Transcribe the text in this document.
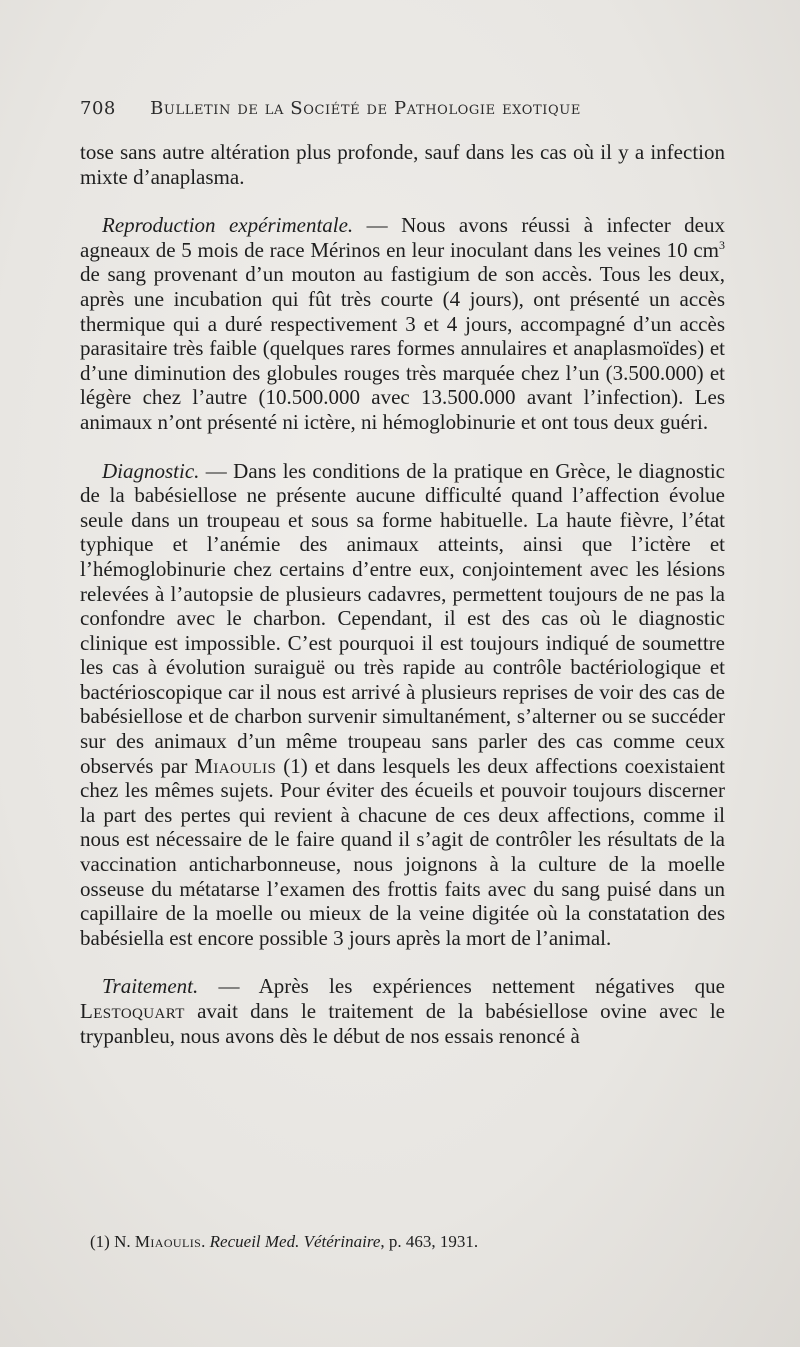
708 Bulletin de la Société de Pathologie exotique

tose sans autre altération plus profonde, sauf dans les cas où il y a infection mixte d’anaplasma.

Reproduction expérimentale. — Nous avons réussi à infecter deux agneaux de 5 mois de race Mérinos en leur inoculant dans les veines 10 $cm^3$ de sang provenant d’un mouton au fastigium de son accès. Tous les deux, après une incubation qui fût très courte (4 jours), ont présenté un accès thermique qui a duré respectivement 3 et 4 jours, accompagné d’un accès parasitaire très faible (quelques rares formes annulaires et anaplasmoïdes) et d’une diminution des globules rouges très marquée chez l’un (3.500.000) et légère chez l’autre (10.500.000 avec 13.500.000 avant l’infection). Les animaux n’ont présenté ni ictère, ni hémoglobinurie et ont tous deux guéri.

Diagnostic. — Dans les conditions de la pratique en Grèce, le diagnostic de la babésiellose ne présente aucune difficulté quand l’affection évolue seule dans un troupeau et sous sa forme habituelle. La haute fièvre, l’état typhique et l’anémie des animaux atteints, ainsi que l’ictère et l’hémoglobinurie chez certains d’entre eux, conjointement avec les lésions relevées à l’autopsie de plusieurs cadavres, permettent toujours de ne pas la confondre avec le charbon. Cependant, il est des cas où le diagnostic clinique est impossible. C’est pourquoi il est toujours indiqué de soumettre les cas à évolution suraiguë ou très rapide au contrôle bactériologique et bactérioscopique car il nous est arrivé à plusieurs reprises de voir des cas de babésiellose et de charbon survenir simultanément, s’alterner ou se succéder sur des animaux d’un même troupeau sans parler des cas comme ceux observés par Miaoulis (1) et dans lesquels les deux affections coexistaient chez les mêmes sujets. Pour éviter des écueils et pouvoir toujours discerner la part des pertes qui revient à chacune de ces deux affections, comme il nous est nécessaire de le faire quand il s’agit de contrôler les résultats de la vaccination anticharbonneuse, nous joignons à la culture de la moelle osseuse du métatarse l’examen des frottis faits avec du sang puisé dans un capillaire de la moelle ou mieux de la veine digitée où la constatation des babésiella est encore possible 3 jours après la mort de l’animal.

Traitement. — Après les expériences nettement négatives que Lestoquart avait dans le traitement de la babésiellose ovine avec le trypanbleu, nous avons dès le début de nos essais renoncé à

(1) N. Miaoulis. Recueil Med. Vétérinaire, p. 463, 1931.
